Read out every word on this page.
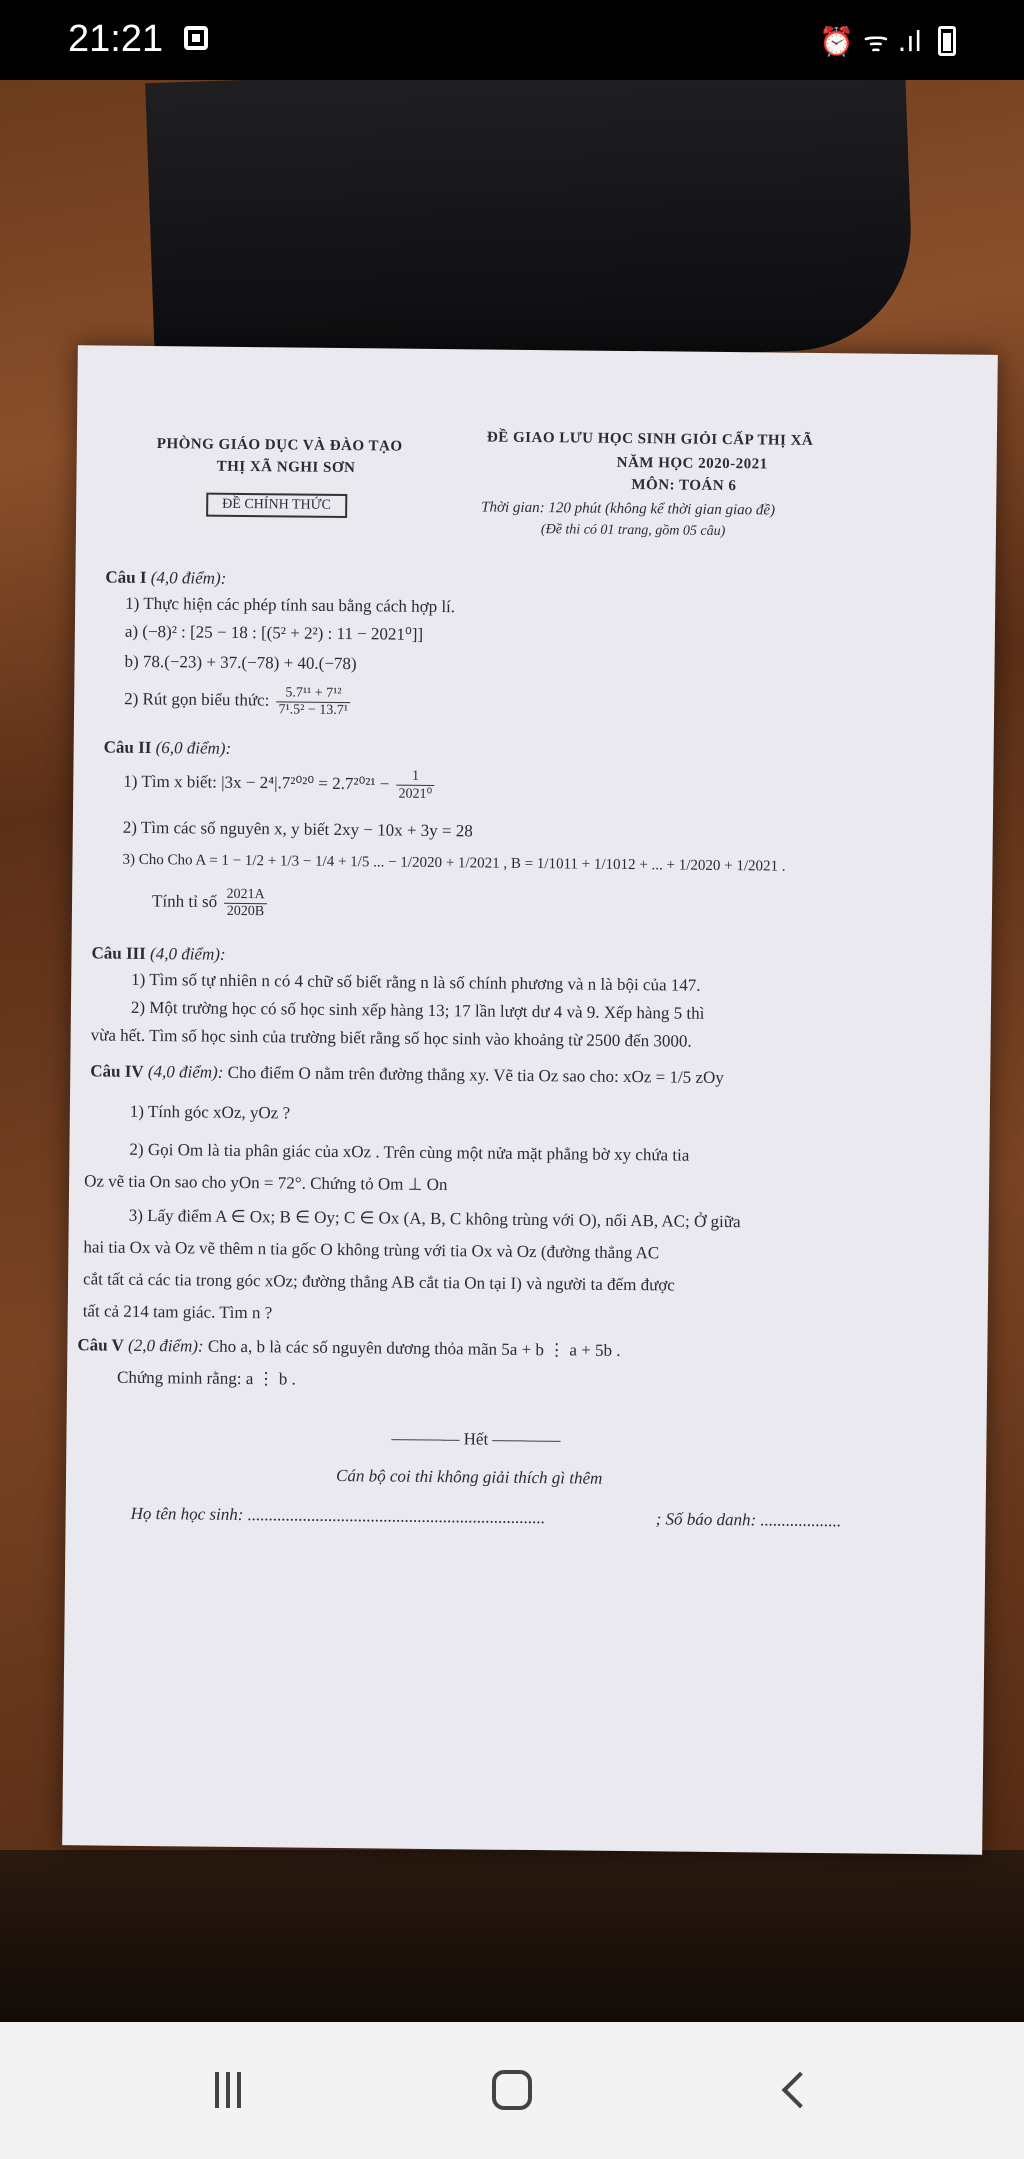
21:21	⏰ ᯤ .ıl
PHÒNG GIÁO DỤC VÀ ĐÀO TẠO
THỊ XÃ NGHI SƠN
ĐỀ CHÍNH THỨC
ĐỀ GIAO LƯU HỌC SINH GIỎI CẤP THỊ XÃ
NĂM HỌC 2020-2021
MÔN: TOÁN 6
Thời gian: 120 phút (không kể thời gian giao đề)
(Đề thi có 01 trang, gồm 05 câu)
Câu I (4,0 điểm):
1) Thực hiện các phép tính sau bằng cách hợp lí.
a) (−8)² : [25 − 18 : [(5² + 2²) : 11 − 2021⁰]]
b) 78.(−23) + 37.(−78) + 40.(−78)
2) Rút gọn biểu thức: $\frac{\text{5.7¹¹ + 7¹²}}{\text{7¹.5² − 13.7¹}}$
Câu II (6,0 điểm):
1) Tìm x biết: $|3x - 2^4|.7^{2020} = 2.7^{2021} - \frac{1}{\text{2021⁰}}$
2) Tìm các số nguyên x, y biết 2xy − 10x + 3y = 28
3) Cho Cho A = 1 − 1/2 + 1/3 − 1/4 + 1/5 ... − 1/2020 + 1/2021 , B = 1/1011 + 1/1012 + ... + 1/2020 + 1/2021 .
Tính tỉ số $\frac{2021A}{2020B}$
Câu III (4,0 điểm):
1) Tìm số tự nhiên n có 4 chữ số biết rằng n là số chính phương và n là bội của 147.
2) Một trường học có số học sinh xếp hàng 13; 17 lần lượt dư 4 và 9. Xếp hàng 5 thì
vừa hết. Tìm số học sinh của trường biết rằng số học sinh vào khoảng từ 2500 đến 3000.
Câu IV (4,0 điểm): Cho điểm O nằm trên đường thẳng xy. Vẽ tia Oz sao cho: xOz = 1/5 zOy
1) Tính góc xOz, yOz ?
2) Gọi Om là tia phân giác của xOz . Trên cùng một nửa mặt phẳng bờ xy chứa tia
Oz vẽ tia On sao cho yOn = 72°. Chứng tỏ Om ⊥ On
3) Lấy điểm A ∈ Ox; B ∈ Oy; C ∈ Ox (A, B, C không trùng với O), nối AB, AC; Ở giữa
hai tia Ox và Oz vẽ thêm n tia gốc O không trùng với tia Ox và Oz (đường thẳng AC
cắt tất cả các tia trong góc xOz; đường thẳng AB cắt tia On tại I) và người ta đếm được
tất cả 214 tam giác. Tìm n ?
Câu V (2,0 điểm): Cho a, b là các số nguyên dương thỏa mãn 5a + b ⋮ a + 5b .
Chứng minh rằng: a ⋮ b .
———— Hết ————
Cán bộ coi thi không giải thích gì thêm
Họ tên học sinh: ......................................................................	; Số báo danh: ...................
